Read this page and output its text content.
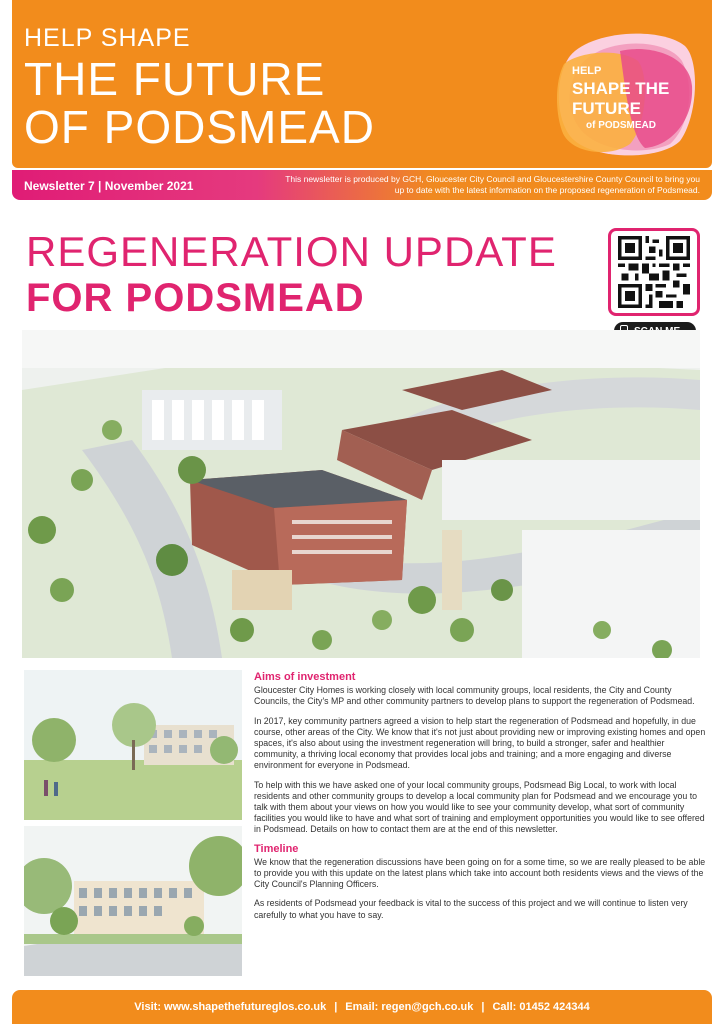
HELP SHAPE
THE FUTURE
OF PODSMEAD
HELP
SHAPE THE
FUTURE
of PODSMEAD
Newsletter 7 | November 2021	This newsletter is produced by GCH, Gloucester City Council and Gloucestershire County Council to bring you up to date with the latest information on the proposed regeneration of Podsmead.
REGENERATION UPDATE
FOR PODSMEAD
Aims of investment

Gloucester City Homes is working closely with local community groups, local residents, the City and County Councils, the City's MP and other community partners to develop plans to support the regeneration of Podsmead.

In 2017, key community partners agreed a vision to help start the regeneration of Podsmead and hopefully, in due course, other areas of the City. We know that it's not just about providing new or improving existing homes and open spaces, it's also about using the investment regeneration will bring, to build a stronger, safer and healthier community, a thriving local economy that provides local jobs and training; and a more engaging and diverse environment for everyone in Podsmead.

To help with this we have asked one of your local community groups, Podsmead Big Local, to work with local residents and other community groups to develop a local community plan for Podsmead and we encourage you to talk with them about your views on how you would like to see your community develop, what sort of community facilities you would like to have and what sort of training and employment opportunities you would like to see offered in Podsmead. Details on how to contact them are at the end of this newsletter.

Timeline

We know that the regeneration discussions have been going on for a some time, so we are really pleased to be able to provide you with this update on the latest plans which take into account both residents views and the views of the City Council's Planning Officers.

As residents of Podsmead your feedback is vital to the success of this project and we will continue to listen very carefully to what you have to say.

Visit: www.shapethefutureglos.co.uk | Email: regen@gch.co.uk | Call: 01452 424344
